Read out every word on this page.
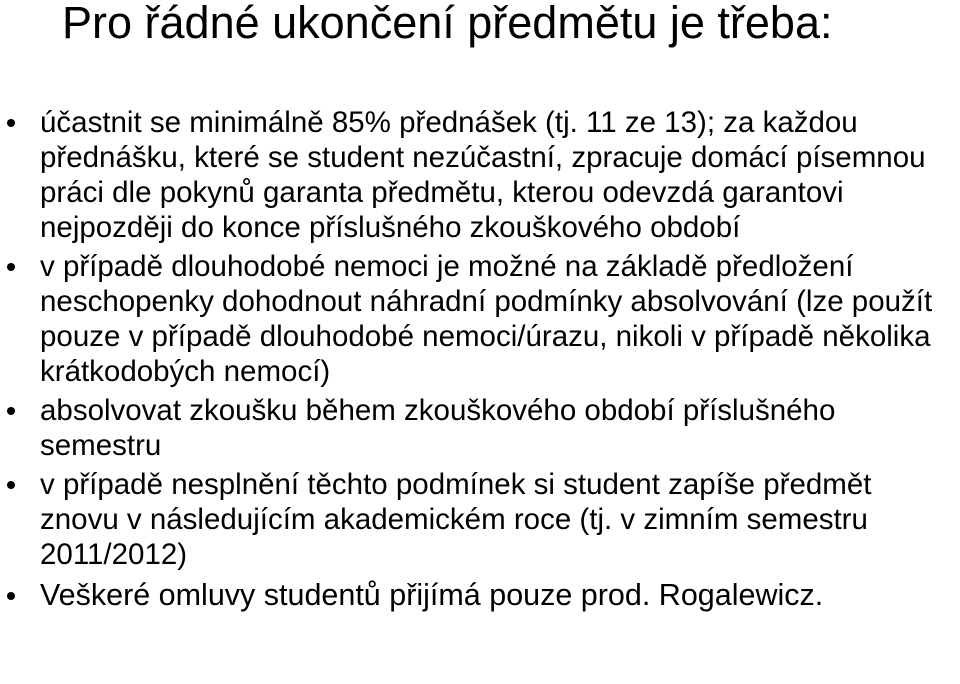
Pro řádné ukončení předmětu je třeba:
účastnit se minimálně 85% přednášek (tj. 11 ze 13); za každou přednášku, které se student nezúčastní, zpracuje domácí písemnou práci dle pokynů garanta předmětu, kterou odevzdá garantovi nejpozději do konce příslušného zkouškového období
v případě dlouhodobé nemoci je možné na základě předložení neschopenky dohodnout náhradní podmínky absolvování (lze použít pouze v případě dlouhodobé nemoci/úrazu, nikoli v případě několika krátkodobých nemocí)
absolvovat zkoušku během zkouškového období příslušného semestru
v případě nesplnění těchto podmínek si student zapíše předmět znovu v následujícím akademickém roce (tj. v zimním semestru 2011/2012)
Veškeré omluvy studentů přijímá pouze prod. Rogalewicz.
